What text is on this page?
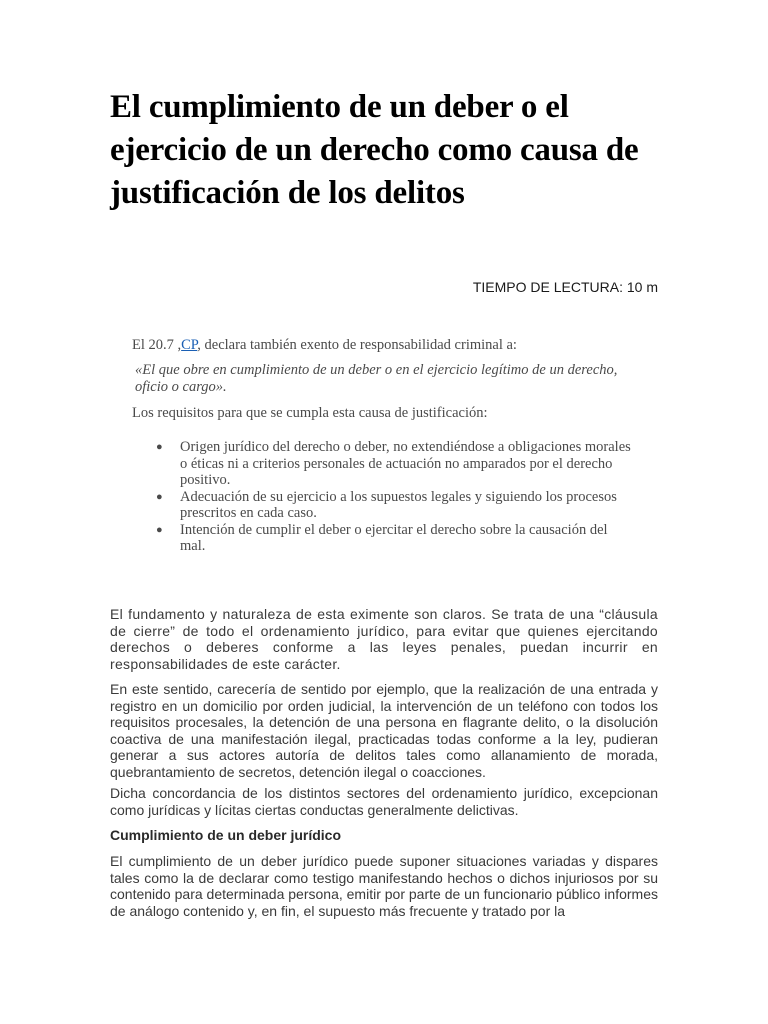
El cumplimiento de un deber o el ejercicio de un derecho como causa de justificación de los delitos
TIEMPO DE LECTURA: 10 m

El 20.7 ,CP, declara también exento de responsabilidad criminal a:

«El que obre en cumplimiento de un deber o en el ejercicio legítimo de un derecho, oficio o cargo».

Los requisitos para que se cumpla esta causa de justificación:

● Origen jurídico del derecho o deber, no extendiéndose a obligaciones morales o éticas ni a criterios personales de actuación no amparados por el derecho positivo.
● Adecuación de su ejercicio a los supuestos legales y siguiendo los procesos prescritos en cada caso.
● Intención de cumplir el deber o ejercitar el derecho sobre la causación del mal.

El fundamento y naturaleza de esta eximente son claros. Se trata de una “cláusula de cierre” de todo el ordenamiento jurídico, para evitar que quienes ejercitando derechos o deberes conforme a las leyes penales, puedan incurrir en responsabilidades de este carácter.

En este sentido, carecería de sentido por ejemplo, que la realización de una entrada y registro en un domicilio por orden judicial, la intervención de un teléfono con todos los requisitos procesales, la detención de una persona en flagrante delito, o la disolución coactiva de una manifestación ilegal, practicadas todas conforme a la ley, pudieran generar a sus actores autoría de delitos tales como allanamiento de morada, quebrantamiento de secretos, detención ilegal o coacciones.

Dicha concordancia de los distintos sectores del ordenamiento jurídico, excepcionan como jurídicas y lícitas ciertas conductas generalmente delictivas.

Cumplimiento de un deber jurídico

El cumplimiento de un deber jurídico puede suponer situaciones variadas y dispares tales como la de declarar como testigo manifestando hechos o dichos injuriosos por su contenido para determinada persona, emitir por parte de un funcionario público informes de análogo contenido y, en fin, el supuesto más frecuente y tratado por la
